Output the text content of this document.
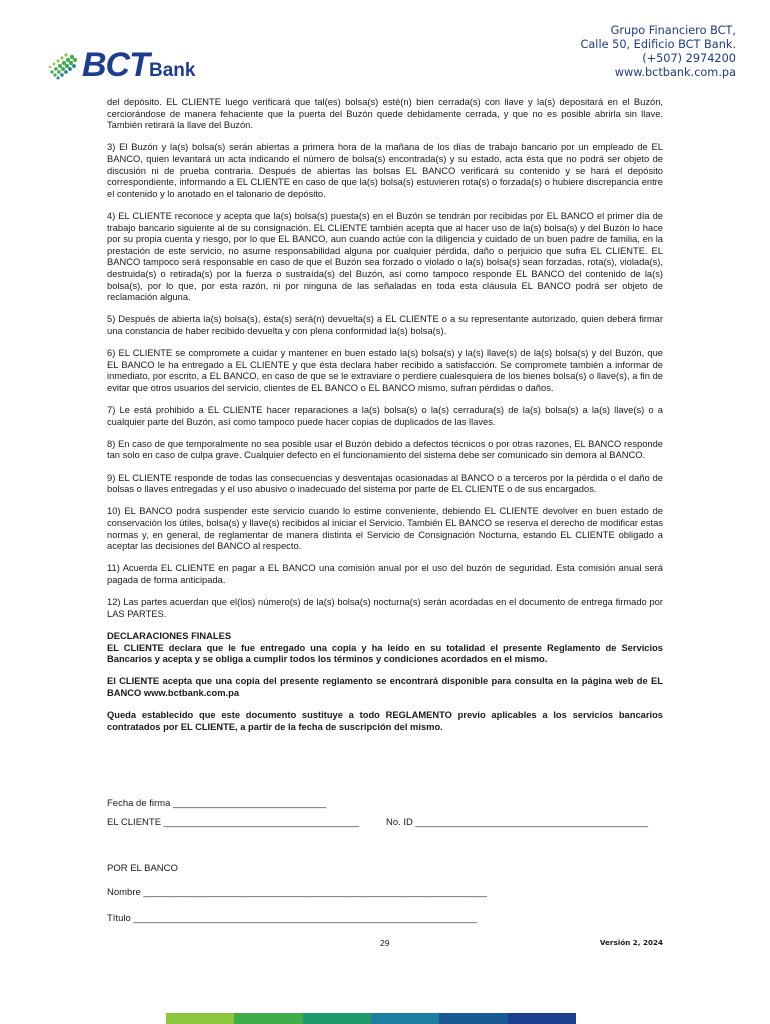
BCT Bank
Grupo Financiero BCT,
Calle 50, Edificio BCT Bank.
(+507) 2974200
www.bctbank.com.pa

del depósito. EL CLIENTE luego verificará que tal(es) bolsa(s) esté(n) bien cerrada(s) con llave y la(s) depositará en el Buzón, cerciorándose de manera fehaciente que la puerta del Buzón quede debidamente cerrada, y que no es posible abrirla sin llave. También retirará la llave del Buzón.

3) El Buzón y la(s) bolsa(s) serán abiertas a primera hora de la mañana de los días de trabajo bancario por un empleado de EL BANCO, quien levantará un acta indicando el número de bolsa(s) encontrada(s) y su estado, acta ésta que no podrá ser objeto de discusión ni de prueba contraria. Después de abiertas las bolsas EL BANCO verificará su contenido y se hará el depósito correspondiente, informando a EL CLIENTE en caso de que la(s) bolsa(s) estuvieren rota(s) o forzada(s) o hubiere discrepancia entre el contenido y lo anotado en el talonario de depósito.

4) EL CLIENTE reconoce y acepta que la(s) bolsa(s) puesta(s) en el Buzón se tendrán por recibidas por EL BANCO el primer día de trabajo bancario siguiente al de su consignación. EL CLIENTE también acepta que al hacer uso de la(s) bolsa(s) y del Buzón lo hace por su propia cuenta y riesgo, por lo que EL BANCO, aun cuando actúe con la diligencia y cuidado de un buen padre de familia, en la prestación de este servicio, no asume responsabilidad alguna por cualquier pérdida, daño o perjuicio que sufra EL CLIENTE. EL BANCO tampoco será responsable en caso de que el Buzón sea forzado o violado o la(s) bolsa(s) sean forzadas, rota(s), violada(s), destruida(s) o retirada(s) por la fuerza o sustraída(s) del Buzón, así como tampoco responde EL BANCO del contenido de la(s) bolsa(s), por lo que, por esta razón, ni por ninguna de las señaladas en toda esta cláusula EL BANCO podrá ser objeto de reclamación alguna.

5) Después de abierta la(s) bolsa(s), ésta(s) será(n) devuelta(s) a EL CLIENTE o a su representante autorizado, quien deberá firmar una constancia de haber recibido devuelta y con plena conformidad la(s) bolsa(s).

6) EL CLIENTE se compromete a cuidar y mantener en buen estado la(s) bolsa(s) y la(s) llave(s) de la(s) bolsa(s) y del Buzón, que EL BANCO le ha entregado a EL CLIENTE y que ésta declara haber recibido a satisfacción. Se compromete también a informar de inmediato, por escrito, a EL BANCO, en caso de que se le extraviare o perdiere cualesquiera de los bienes bolsa(s) o llave(s), a fin de evitar que otros usuarios del servicio, clientes de EL BANCO o EL BANCO mismo, sufran pérdidas o daños.

7) Le está prohibido a EL CLIENTE hacer reparaciones a la(s) bolsa(s) o la(s) cerradura(s) de la(s) bolsa(s) a la(s) llave(s) o a cualquier parte del Buzón, así como tampoco puede hacer copias de duplicados de las llaves.

8) En caso de que temporalmente no sea posible usar el Buzón debido a defectos técnicos o por otras razones, EL BANCO responde tan solo en caso de culpa grave. Cualquier defecto en el funcionamiento del sistema debe ser comunicado sin demora al BANCO.

9) EL CLIENTE responde de todas las consecuencias y desventajas ocasionadas al BANCO o a terceros por la pérdida o el daño de bolsas o llaves entregadas y el uso abusivo o inadecuado del sistema por parte de EL CLIENTE o de sus encargados.

10) EL BANCO podrá suspender este servicio cuando lo estime conveniente, debiendo EL CLIENTE devolver en buen estado de conservación los útiles, bolsa(s) y llave(s) recibidos al iniciar el Servicio. También EL BANCO se reserva el derecho de modificar estas normas y, en general, de reglamentar de manera distinta el Servicio de Consignación Nocturna, estando EL CLIENTE obligado a aceptar las decisiones del BANCO al respecto.

11) Acuerda EL CLIENTE en pagar a EL BANCO una comisión anual por el uso del buzón de seguridad. Esta comisión anual será pagada de forma anticipada.

12) Las partes acuerdan que el(los) número(s) de la(s) bolsa(s) nocturna(s) serán acordadas en el documento de entrega firmado por LAS PARTES.

DECLARACIONES FINALES

EL CLIENTE declara que le fue entregado una copia y ha leído en su totalidad el presente Reglamento de Servicios Bancarios y acepta y se obliga a cumplir todos los términos y condiciones acordados en el mismo.

El CLIENTE acepta que una copia del presente reglamento se encontrará disponible para consulta en la página web de EL BANCO www.bctbank.com.pa

Queda establecido que este documento sustituye a todo REGLAMENTO previo aplicables a los servicios bancarios contratados por EL CLIENTE, a partir de la fecha de suscripción del mismo.

Fecha de firma _____________________________
EL CLIENTE _____________________________________	No. ID ____________________________________________
POR EL BANCO
Nombre _________________________________________________________________
Título _________________________________________________________________
29	Versión 2, 2024
